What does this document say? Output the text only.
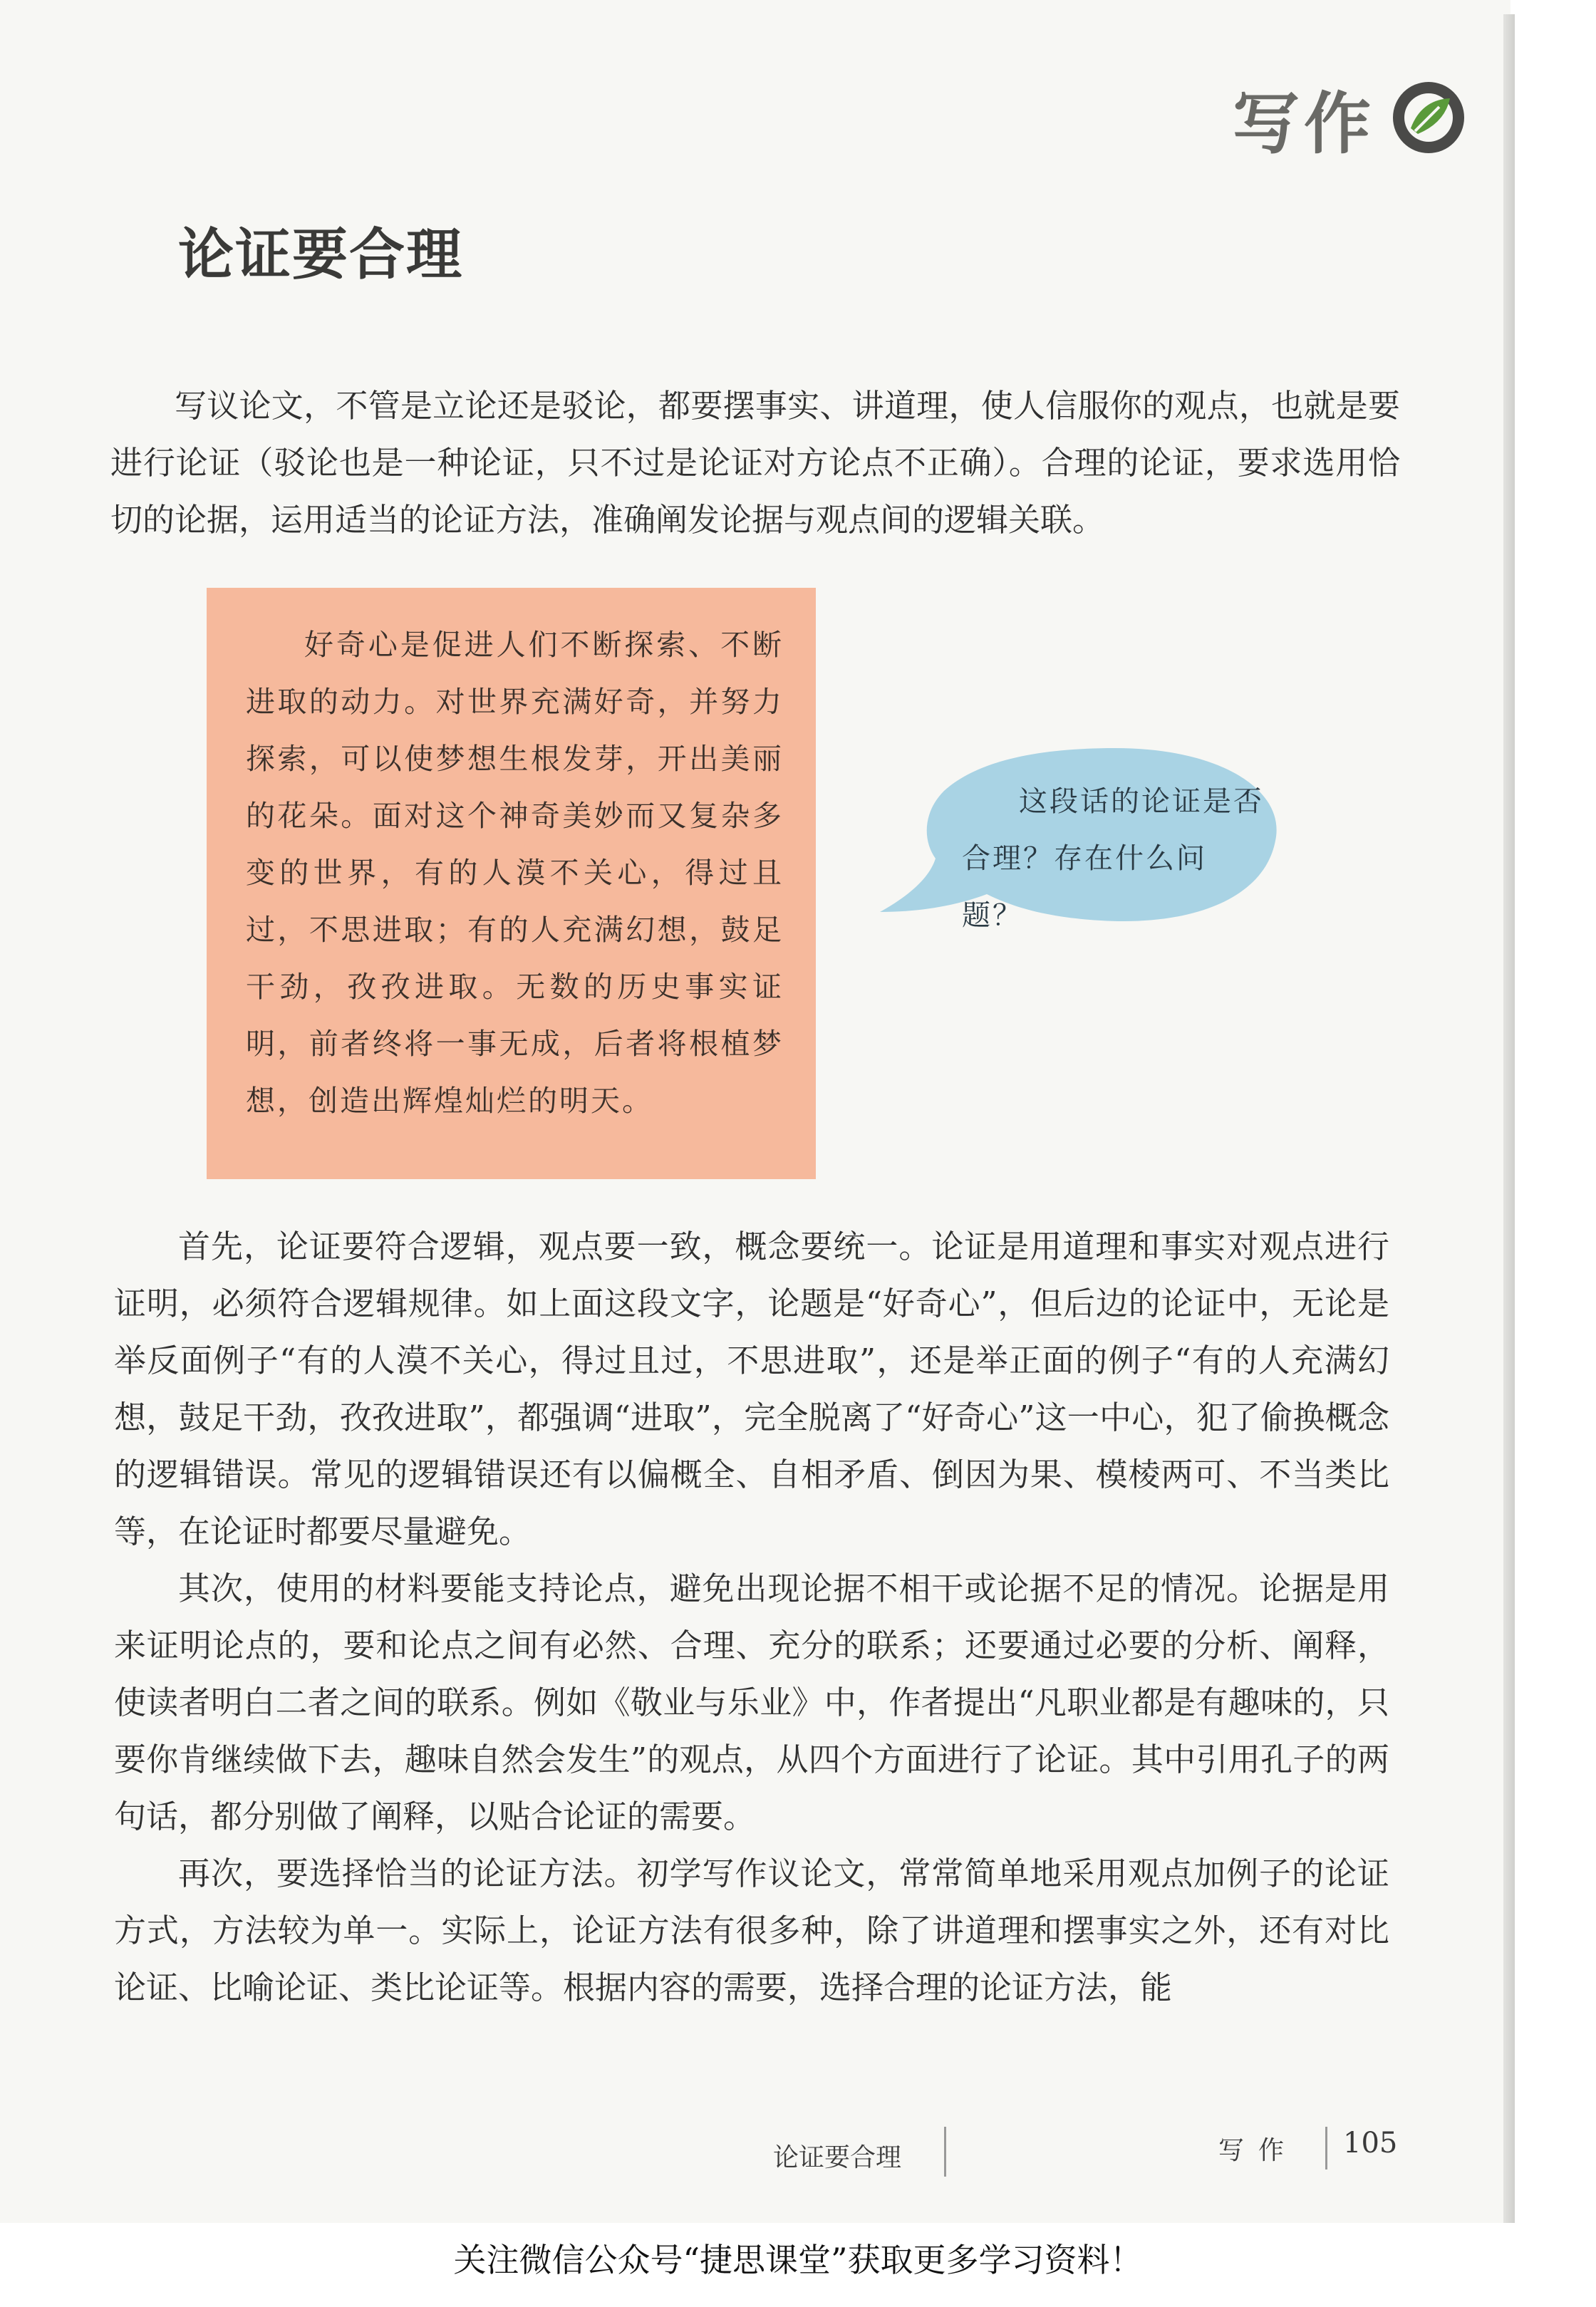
写作
论证要合理
写议论文，不管是立论还是驳论，都要摆事实、讲道理，使人信服你的观点，也就是要进行论证（驳论也是一种论证，只不过是论证对方论点不正确）。合理的论证，要求选用恰切的论据，运用适当的论证方法，准确阐发论据与观点间的逻辑关联。
好奇心是促进人们不断探索、不断进取的动力。对世界充满好奇，并努力探索，可以使梦想生根发芽，开出美丽的花朵。面对这个神奇美妙而又复杂多变的世界，有的人漠不关心，得过且过，不思进取；有的人充满幻想，鼓足干劲，孜孜进取。无数的历史事实证明，前者终将一事无成，后者将根植梦想，创造出辉煌灿烂的明天。
这段话的论证是否合理？存在什么问题？

首先，论证要符合逻辑，观点要一致，概念要统一。论证是用道理和事实对观点进行证明，必须符合逻辑规律。如上面这段文字，论题是“好奇心”，但后边的论证中，无论是举反面例子“有的人漠不关心，得过且过，不思进取”，还是举正面的例子“有的人充满幻想，鼓足干劲，孜孜进取”，都强调“进取”，完全脱离了“好奇心”这一中心，犯了偷换概念的逻辑错误。常见的逻辑错误还有以偏概全、自相矛盾、倒因为果、模棱两可、不当类比等，在论证时都要尽量避免。

其次，使用的材料要能支持论点，避免出现论据不相干或论据不足的情况。论据是用来证明论点的，要和论点之间有必然、合理、充分的联系；还要通过必要的分析、阐释，使读者明白二者之间的联系。例如《敬业与乐业》中，作者提出“凡职业都是有趣味的，只要你肯继续做下去，趣味自然会发生”的观点，从四个方面进行了论证。其中引用孔子的两句话，都分别做了阐释，以贴合论证的需要。

再次，要选择恰当的论证方法。初学写作议论文，常常简单地采用观点加例子的论证方式，方法较为单一。实际上，论证方法有很多种，除了讲道理和摆事实之外，还有对比论证、比喻论证、类比论证等。根据内容的需要，选择合理的论证方法，能

论证要合理	写作 105
关注微信公众号“捷思课堂”获取更多学习资料！
